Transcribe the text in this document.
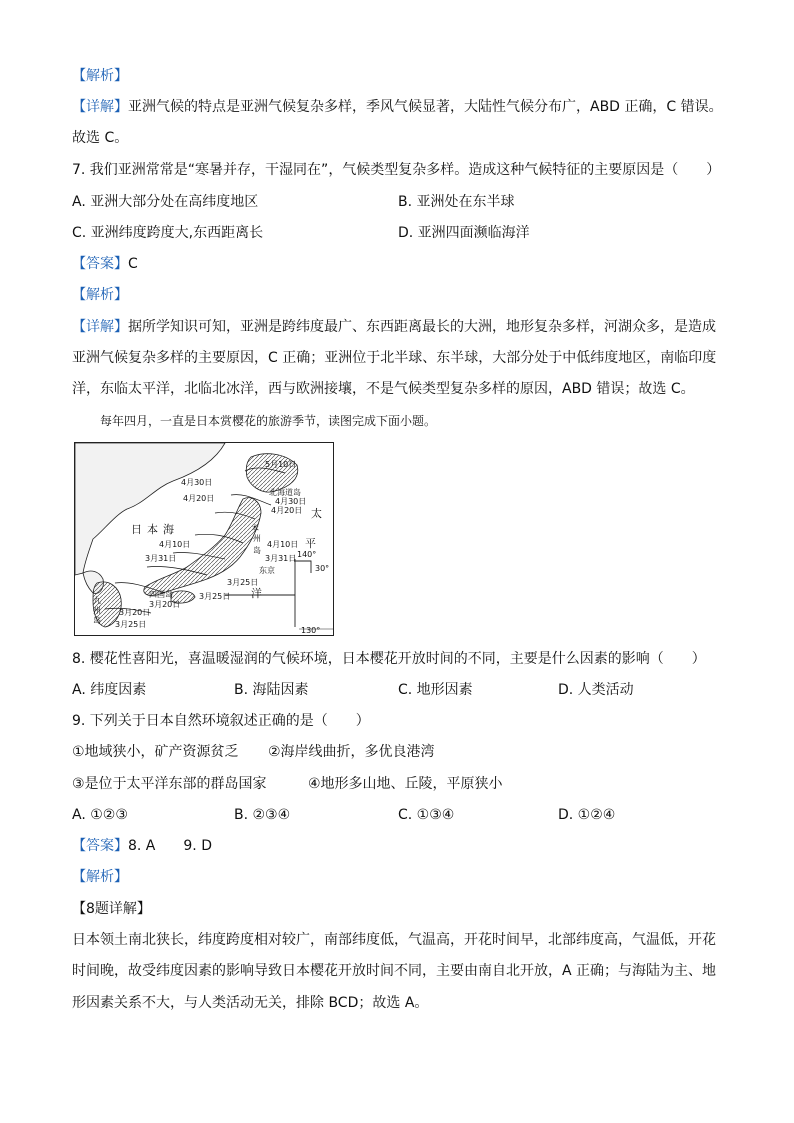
【解析】
【详解】亚洲气候的特点是亚洲气候复杂多样，季风气候显著，大陆性气候分布广，ABD 正确，C 错误。
故选 C。
7. 我们亚洲常常是“寒暑并存，干湿同在”，气候类型复杂多样。造成这种气候特征的主要原因是（　　）
A. 亚洲大部分处在高纬度地区	B. 亚洲处在东半球
C. 亚洲纬度跨度大,东西距离长	D. 亚洲四面濒临海洋
【答案】C
【解析】
【详解】据所学知识可知，亚洲是跨纬度最广、东西距离最长的大洲，地形复杂多样，河湖众多，是造成
亚洲气候复杂多样的主要原因，C 正确；亚洲位于北半球、东半球，大部分处于中低纬度地区，南临印度
洋，东临太平洋，北临北冰洋，西与欧洲接壤，不是气候类型复杂多样的原因，ABD 错误；故选 C。
每年四月，一直是日本赏樱花的旅游季节，读图完成下面小题。
5月10日
北海道岛
4月30日
4月30日
4月20日
4月20日 太
日 本 海
4月10日
本
州
岛
4月10日
3月31日	3月31日
平
东京
3月25日
3月25日 洋
四国岛
3月20日
3月20日
九
州
岛 3月25日
140°
30°
130°
8. 樱花性喜阳光，喜温暖湿润的气候环境，日本樱花开放时间的不同，主要是什么因素的影响（　　）
A. 纬度因素	B. 海陆因素	C. 地形因素	D. 人类活动
9. 下列关于日本自然环境叙述正确的是（　　）
①地域狭小，矿产资源贫乏 ②海岸线曲折，多优良港湾
③是位于太平洋东部的群岛国家	④地形多山地、丘陵，平原狭小
A. ①②③	B. ②③④	C. ①③④	D. ①②④
【答案】8. A　　9. D
【解析】
【8题详解】
日本领土南北狭长，纬度跨度相对较广，南部纬度低，气温高，开花时间早，北部纬度高，气温低，开花
时间晚，故受纬度因素的影响导致日本樱花开放时间不同，主要由南自北开放，A 正确；与海陆为主、地
形因素关系不大，与人类活动无关，排除 BCD；故选 A。
